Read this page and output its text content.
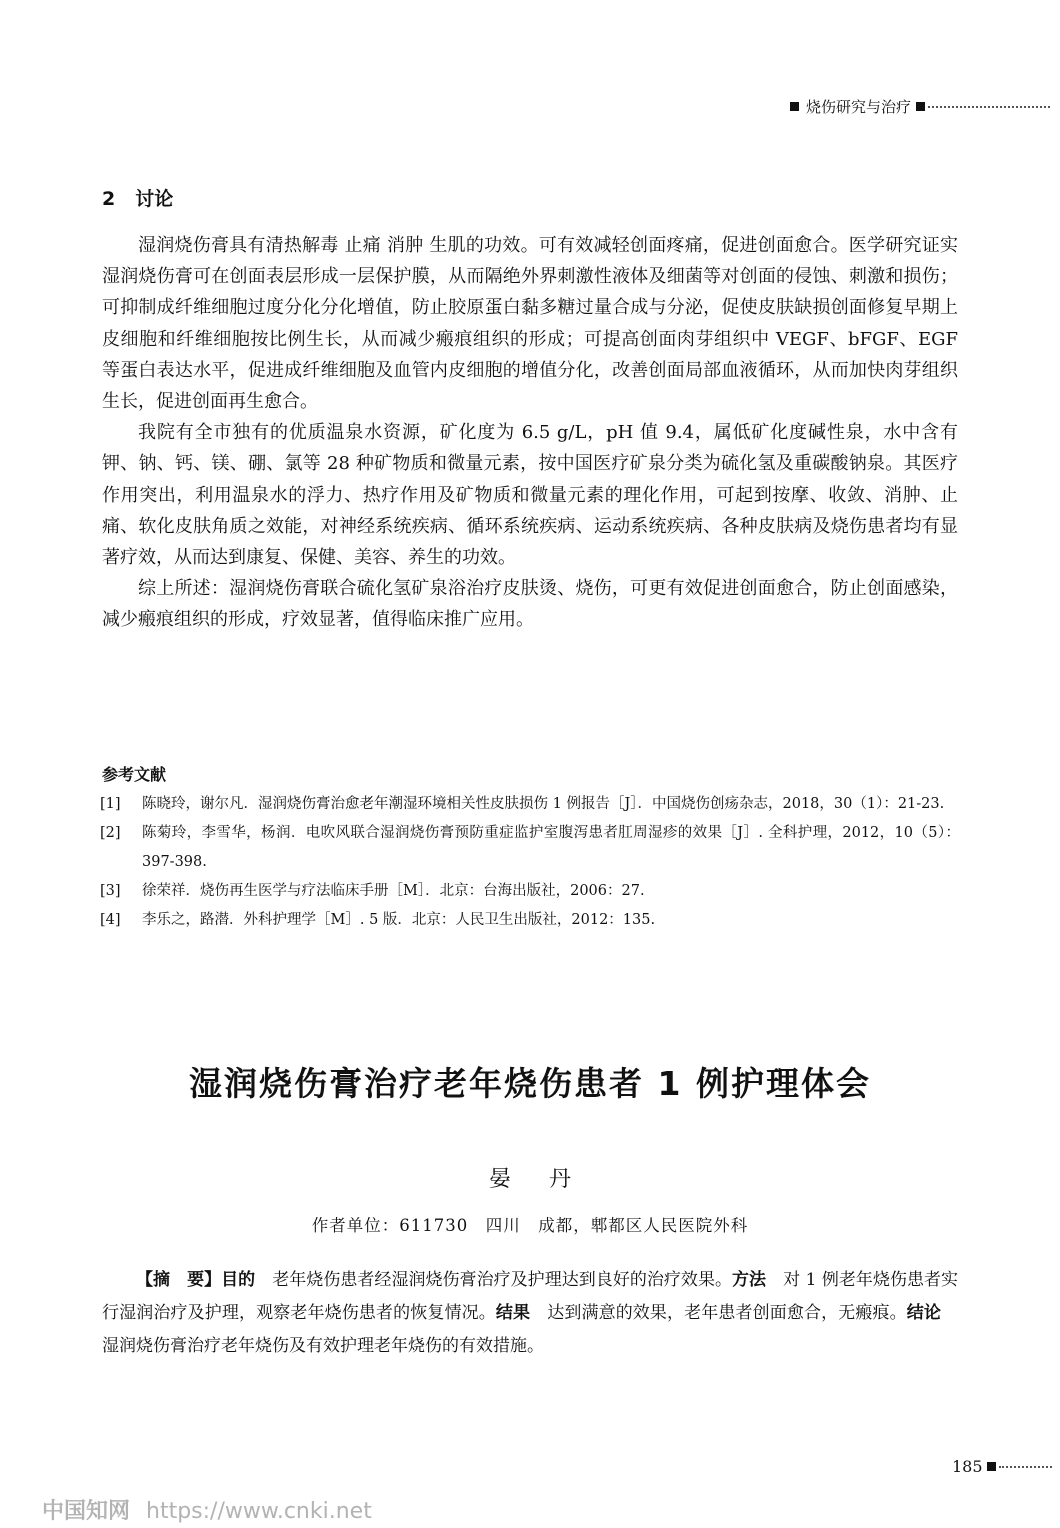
烧伤研究与治疗
2 讨论

湿润烧伤膏具有清热解毒 止痛 消肿 生肌的功效。可有效减轻创面疼痛，促进创面愈合。医学研究证实湿润烧伤膏可在创面表层形成一层保护膜，从而隔绝外界刺激性液体及细菌等对创面的侵蚀、刺激和损伤；可抑制成纤维细胞过度分化分化增值，防止胶原蛋白黏多糖过量合成与分泌，促使皮肤缺损创面修复早期上皮细胞和纤维细胞按比例生长，从而减少瘢痕组织的形成；可提高创面肉芽组织中 VEGF、bFGF、EGF 等蛋白表达水平，促进成纤维细胞及血管内皮细胞的增值分化，改善创面局部血液循环，从而加快肉芽组织生长，促进创面再生愈合。

我院有全市独有的优质温泉水资源，矿化度为 6.5 g/L，pH 值 9.4，属低矿化度碱性泉，水中含有钾、钠、钙、镁、硼、氯等 28 种矿物质和微量元素，按中国医疗矿泉分类为硫化氢及重碳酸钠泉。其医疗作用突出，利用温泉水的浮力、热疗作用及矿物质和微量元素的理化作用，可起到按摩、收敛、消肿、止痛、软化皮肤角质之效能，对神经系统疾病、循环系统疾病、运动系统疾病、各种皮肤病及烧伤患者均有显著疗效，从而达到康复、保健、美容、养生的功效。

综上所述：湿润烧伤膏联合硫化氢矿泉浴治疗皮肤烫、烧伤，可更有效促进创面愈合，防止创面感染，减少瘢痕组织的形成，疗效显著，值得临床推广应用。

参考文献
[1]	陈晓玲，谢尔凡．湿润烧伤膏治愈老年潮湿环境相关性皮肤损伤 1 例报告［J］．中国烧伤创疡杂志，2018，30（1）：21-23.
[2]	陈菊玲，李雪华，杨润．电吹风联合湿润烧伤膏预防重症监护室腹泻患者肛周湿疹的效果［J］. 全科护理，2012，10（5）：397-398.
[3]	徐荣祥．烧伤再生医学与疗法临床手册［M］．北京：台海出版社，2006：27.
[4]	李乐之，路潜．外科护理学［M］. 5 版．北京：人民卫生出版社，2012：135.
湿润烧伤膏治疗老年烧伤患者 1 例护理体会
晏丹
作者单位：611730　四川　成都，郫都区人民医院外科

【摘　要】目的　老年烧伤患者经湿润烧伤膏治疗及护理达到良好的治疗效果。方法　对 1 例老年烧伤患者实行湿润治疗及护理，观察老年烧伤患者的恢复情况。结果　达到满意的效果，老年患者创面愈合，无瘢痕。结论　湿润烧伤膏治疗老年烧伤及有效护理老年烧伤的有效措施。

185
中国知网 https://www.cnki.net
